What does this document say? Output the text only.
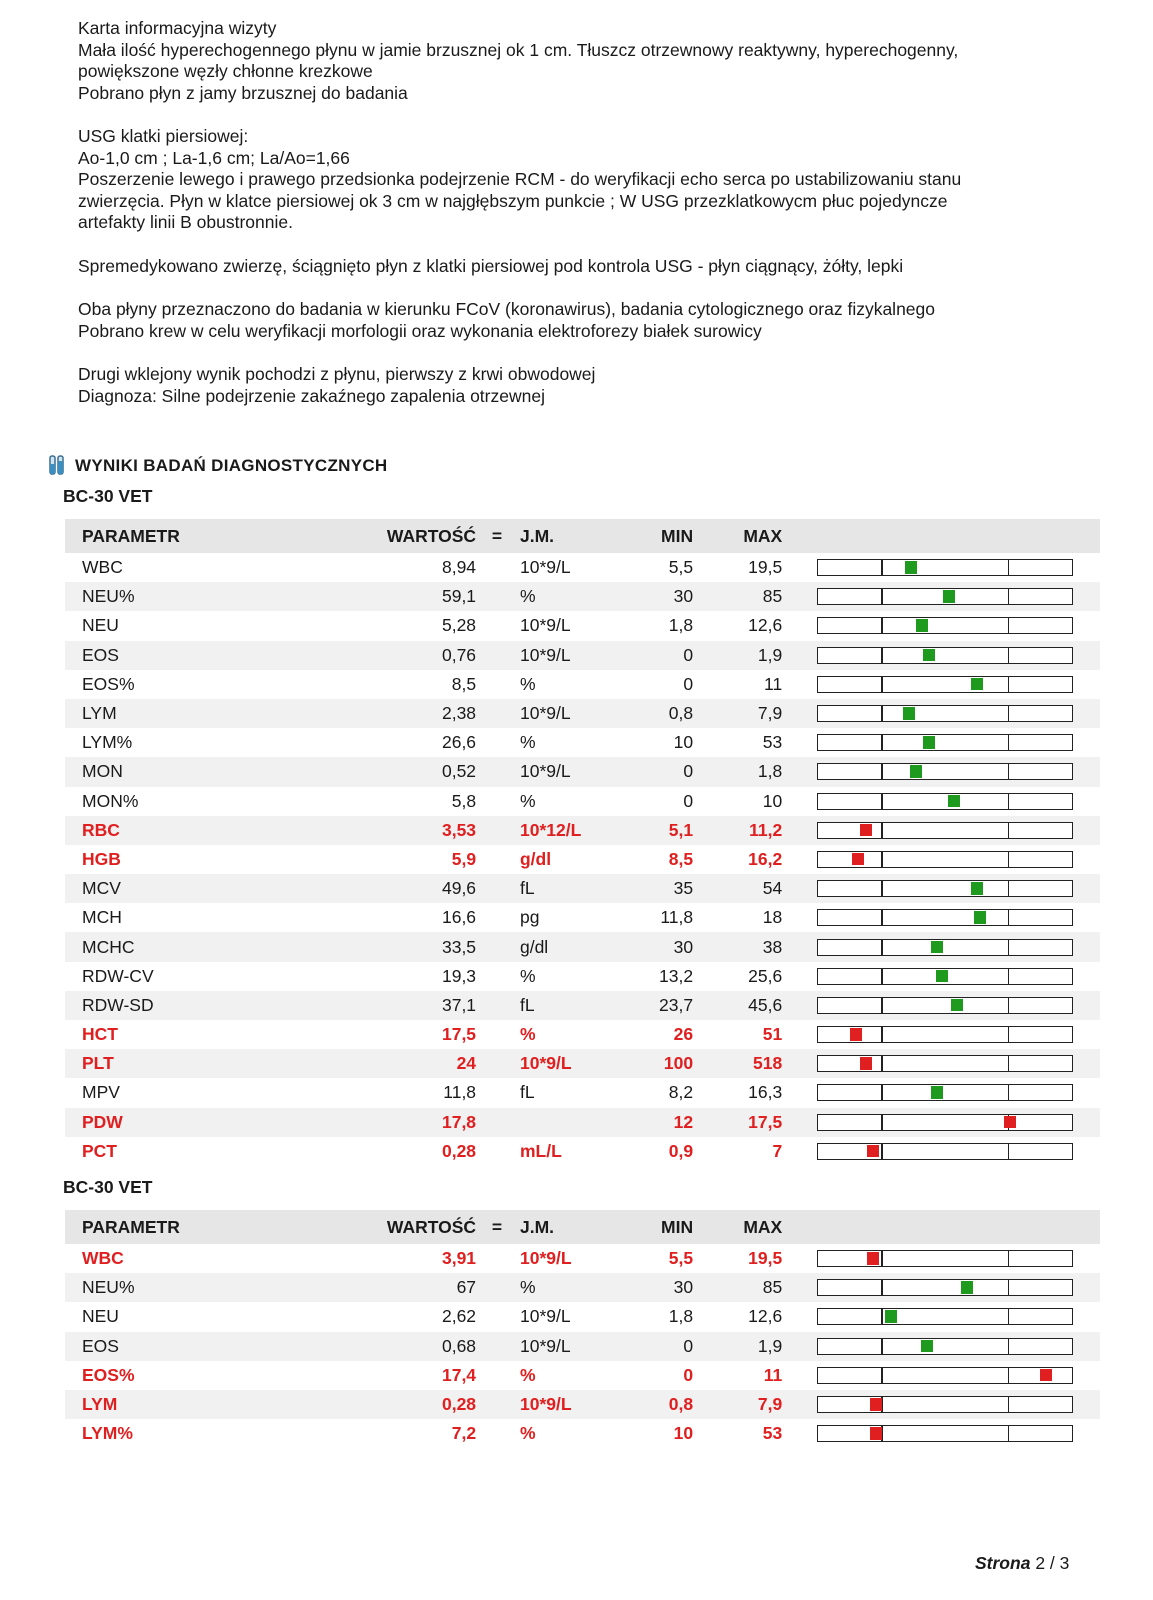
Karta informacyjna wizyty
Mała ilość hyperechogennego płynu w jamie brzusznej ok 1 cm. Tłuszcz otrzewnowy reaktywny, hyperechogenny,
powiększone węzły chłonne krezkowe
Pobrano płyn z jamy brzusznej do badania
USG klatki piersiowej:
Ao-1,0 cm ; La-1,6 cm; La/Ao=1,66
Poszerzenie lewego i prawego przedsionka podejrzenie RCM - do weryfikacji echo serca po ustabilizowaniu stanu
zwierzęcia. Płyn w klatce piersiowej ok 3 cm w najgłębszym punkcie ; W USG przezklatkowycm płuc pojedyncze
artefakty linii B obustronnie.
Spremedykowano zwierzę, ściągnięto płyn z klatki piersiowej pod kontrola USG - płyn ciągnący, żółty, lepki
Oba płyny przeznaczono do badania w kierunku FCoV (koronawirus), badania cytologicznego oraz fizykalnego
Pobrano krew w celu weryfikacji morfologii oraz wykonania elektroforezy białek surowicy
Drugi wklejony wynik pochodzi z płynu, pierwszy z krwi obwodowej
Diagnoza: Silne podejrzenie zakaźnego zapalenia otrzewnej
WYNIKI BADAŃ DIAGNOSTYCZNYCH
BC-30 VET
PARAMETR	WARTOŚĆ	=	J.M.	MIN	MAX		
WBC	8,94		10*9/L	5,5	19,5		

NEU%	59,1		%	30	85		

NEU	5,28		10*9/L	1,8	12,6		

EOS	0,76		10*9/L	0	1,9		

EOS%	8,5		%	0	11		

LYM	2,38		10*9/L	0,8	7,9		

LYM%	26,6		%	10	53		

MON	0,52		10*9/L	0	1,8		

MON%	5,8		%	0	10		

RBC	3,53		10*12/L	5,1	11,2		

HGB	5,9		g/dl	8,5	16,2		

MCV	49,6		fL	35	54		

MCH	16,6		pg	11,8	18		

MCHC	33,5		g/dl	30	38		

RDW-CV	19,3		%	13,2	25,6		

RDW-SD	37,1		fL	23,7	45,6		

HCT	17,5		%	26	51		

PLT	24		10*9/L	100	518		

MPV	11,8		fL	8,2	16,3		

PDW	17,8			12	17,5		

PCT	0,28		mL/L	0,9	7		
BC-30 VET
PARAMETR	WARTOŚĆ	=	J.M.	MIN	MAX		
WBC	3,91		10*9/L	5,5	19,5		

NEU%	67		%	30	85		

NEU	2,62		10*9/L	1,8	12,6		

EOS	0,68		10*9/L	0	1,9		

EOS%	17,4		%	0	11		

LYM	0,28		10*9/L	0,8	7,9		

LYM%	7,2		%	10	53		
Strona 2 / 3
